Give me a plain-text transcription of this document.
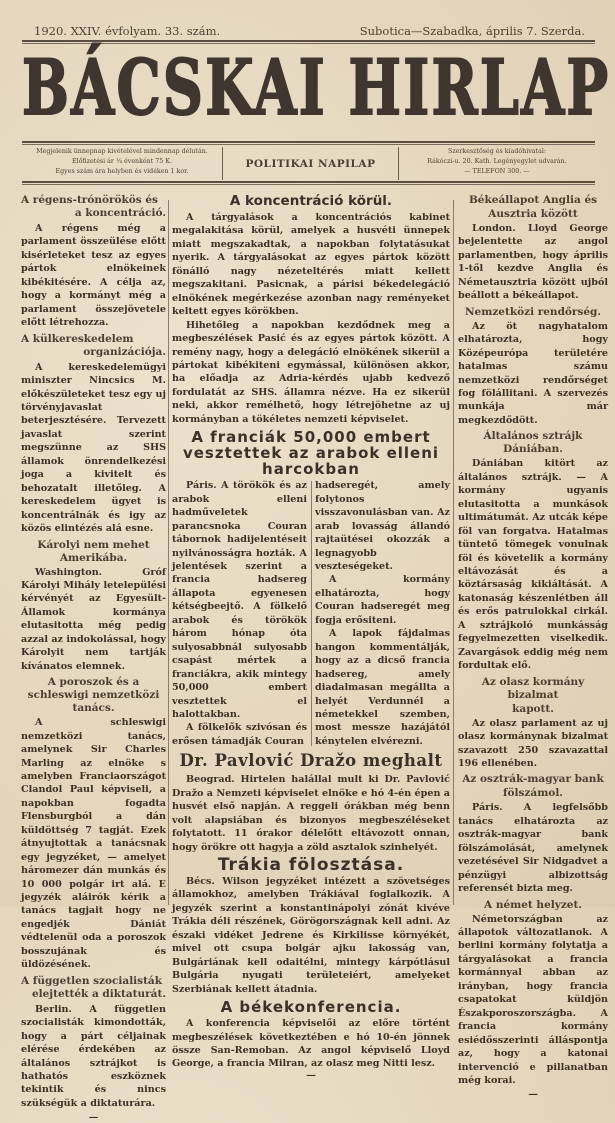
1920. XXIV. évfolyam. 33. szám.	Subotica—Szabadka, április 7. Szerda.
BÁCSKAI HIRLAP
Megjelenik ünnepnap kivételével mindennap délután.
Előfizetési ár ¼ évenként 75 K.
Egyes szám ára helyben és vidéken 1 kor.
POLITIKAI NAPILAP
Szerkesztőség és kiadóhivatal:
Rákóczi-u. 20. Kath. Legényegylet udvarán.
— TELEFON 300. —
A régens-trónörökös és
a koncentráció.

A régens még a parlament összeülése előtt kisérleteket tesz az egyes pártok elnökeinek kibékitésére. A célja az, hogy a kormányt még a parlament összejövetele előtt létrehozza.

A külkereskedelem
organizációja.

A kereskedelemügyi miniszter Nincsics M. előkészületeket tesz egy uj törvényjavaslat beterjesztésére. Tervezett javaslat szerint megszünne az SHS államok önrendelkezési joga a kivitelt és behozatalt illetőleg. A kereskedelem ügyet is koncentrálnák és igy az közös elintézés alá esne.

Károlyi nem mehet Amerikába.

Washington. Gróf Károlyi Mihály letelepülési kérvényét az Egyesült-Államok kormánya elutasitotta még pedig azzal az indokolással, hogy Károlyit nem tartják kívánatos elemnek.

A poroszok és a schleswigi nemzetközi tanács.

A schleswigi nemzetközi tanács, amelynek Sir Charles Marling az elnöke s amelyben Franciaországot Clandol Paul képviseli, a napokban fogadta Flensburgból a dán küldöttség 7 tagját. Ezek átnyujtottak a tanácsnak egy jegyzéket, — amelyet háromezer dán munkás és 10 000 polgár irt alá. E jegyzék aláirók kérik a tanács tagjait hogy ne engedjék Dániát védtelenül oda a poroszok bosszujának és üldözésének.

A független szocialisták
elejtették a diktaturát.

Berlin. A független szocialisták kimondották, hogy a párt céljainak elérése érdekében az általános sztrájkot is hathatós eszköznek tekintik és nincs szükségük a diktaturára.

—
A koncentráció körül.

A tárgyalások a koncentrációs kabinet megalakitása körül, amelyek a husvéti ünnepek miatt megszakadtak, a napokban folytatásukat nyerik. A tárgyalásokat az egyes pártok között fönálló nagy nézeteltérés miatt kellett megszakitani. Pasicnak, a párisi békedelegáció elnökének megérkezése azonban nagy reményeket keltett egyes körökben.

Hihetőleg a napokban kezdődnek meg a megbeszélések Pasić és az egyes pártok között. A remény nagy, hogy a delegáció elnökének sikerül a pártokat kibékiteni egymással, különösen akkor, ha előadja az Adria-kérdés ujabb kedvező fordulatát az SHS. államra nézve. Ha ez sikerül neki, akkor remélhető, hogy létrejöhetne az uj kormányban a tökéletes nemzeti képviselet.

A franciák 50,000 embert vesztettek az arabok elleni harcokban

Páris. A törökök és az arabok elleni hadműveletek parancsnoka Couran tábornok hadijelentéseit nyilvánosságra hozták. A jelentések szerint a francia hadsereg állapota egyenesen kétségbeejtő. A fölkelő arabok és törökök három hónap óta sulyosabbnál sulyosabb csapást mértek a franciákra, akik mintegy 50,000 embert vesztettek el halottakban.

A fölkelők szivósan és erősen támadják Couran

hadseregét, amely folytonos visszavonulásban van. Az arab lovasság állandó rajtaütései okozzák a legnagyobb veszteségeket.

A kormány elhatározta, hogy Couran hadseregét meg fogja erősiteni.

A lapok fájdalmas hangon kommentálják, hogy az a dicső francia hadsereg, amely diadalmasan megállta a helyét Verdunnél a németekkel szemben, most messze hazájától kénytelen elvérezni.

Dr. Pavlović Dražo meghalt

Beograd. Hirtelen halállal mult ki Dr. Pavlović Dražo a Nemzeti képviselet elnöke e hó 4-én épen a husvét első napján. A reggeli órákban még benn volt alapsiában és bizonyos megbeszéléseket folytatott. 11 órakor délelőtt eltávozott onnan, hogy örökre ott hagyja a zöld asztalok szinhelyét.

Trákia fölosztása.

Bécs. Wilson jegyzéket intézett a szövetséges államokhoz, amelyben Trákiával foglalkozik. A jegyzék szerint a konstantinápolyi zónát kivéve Trákia déli részének, Görögországnak kell adni. Az északi vidéket Jedrene és Kirkilisse környékét, mivel ott csupa bolgár ajku lakosság van, Bulgáriának kell odaitélni, mintegy kárpótlásul Bulgária nyugati területeiért, amelyeket Szerbiának kellett átadnia.

A békekonferencia.

A konferencia képviselői az előre történt megbeszélések következtében e hó 10-én jönnek össze San-Remoban. Az angol képviselő Lloyd George, a francia Milran, az olasz meg Nitti lesz.

—
Békeállapot Anglia és
Ausztria között

London. Lloyd George bejelentette az angol parlamentben, hogy április 1-től kezdve Anglia és Németausztria között ujból beállott a békeállapot.

Nemzetközi rendőrség.

Az öt nagyhatalom elhatározta, hogy Középeurópa területére hatalmas számu nemzetközi rendőrséget fog fölállitani. A szervezés munkája már megkezdődött.

Általános sztrájk Dániában.

Dániában kitört az általános sztrájk. — A kormány ugyanis elutasitotta a munkások ultimátumát. Az utcák képe föl van forgatva. Hatalmas tüntető tömegek vonulnak föl és követelik a kormány eltávozását és a köztársaság kikiáltását. A katonaság készenlétben áll és erős patrulokkal cirkál. A sztrájkoló munkásság fegyelmezetten viselkedik. Zavargások eddig még nem fordultak elő.

Az olasz kormány bizalmat
kapott.

Az olasz parlament az uj olasz kormánynak bizalmat szavazott 250 szavazattal 196 ellenében.

Az osztrák-magyar bank
fölszámol.

Páris. A legfelsőbb tanács elhatározta az osztrák-magyar bank fölszámolását, amelynek vezetésével Sir Nidgadvet a pénzügyi albizottság referensét bizta meg.

A német helyzet.

Németországban az állapotok változatlanok. A berlini kormány folytatja a tárgyalásokat a francia kormánnyal abban az irányban, hogy francia csapatokat küldjön Északporoszországba. A francia kormány esiédősszerinti álláspontja az, hogy a katonai intervenció e pillanatban még korai.

—
